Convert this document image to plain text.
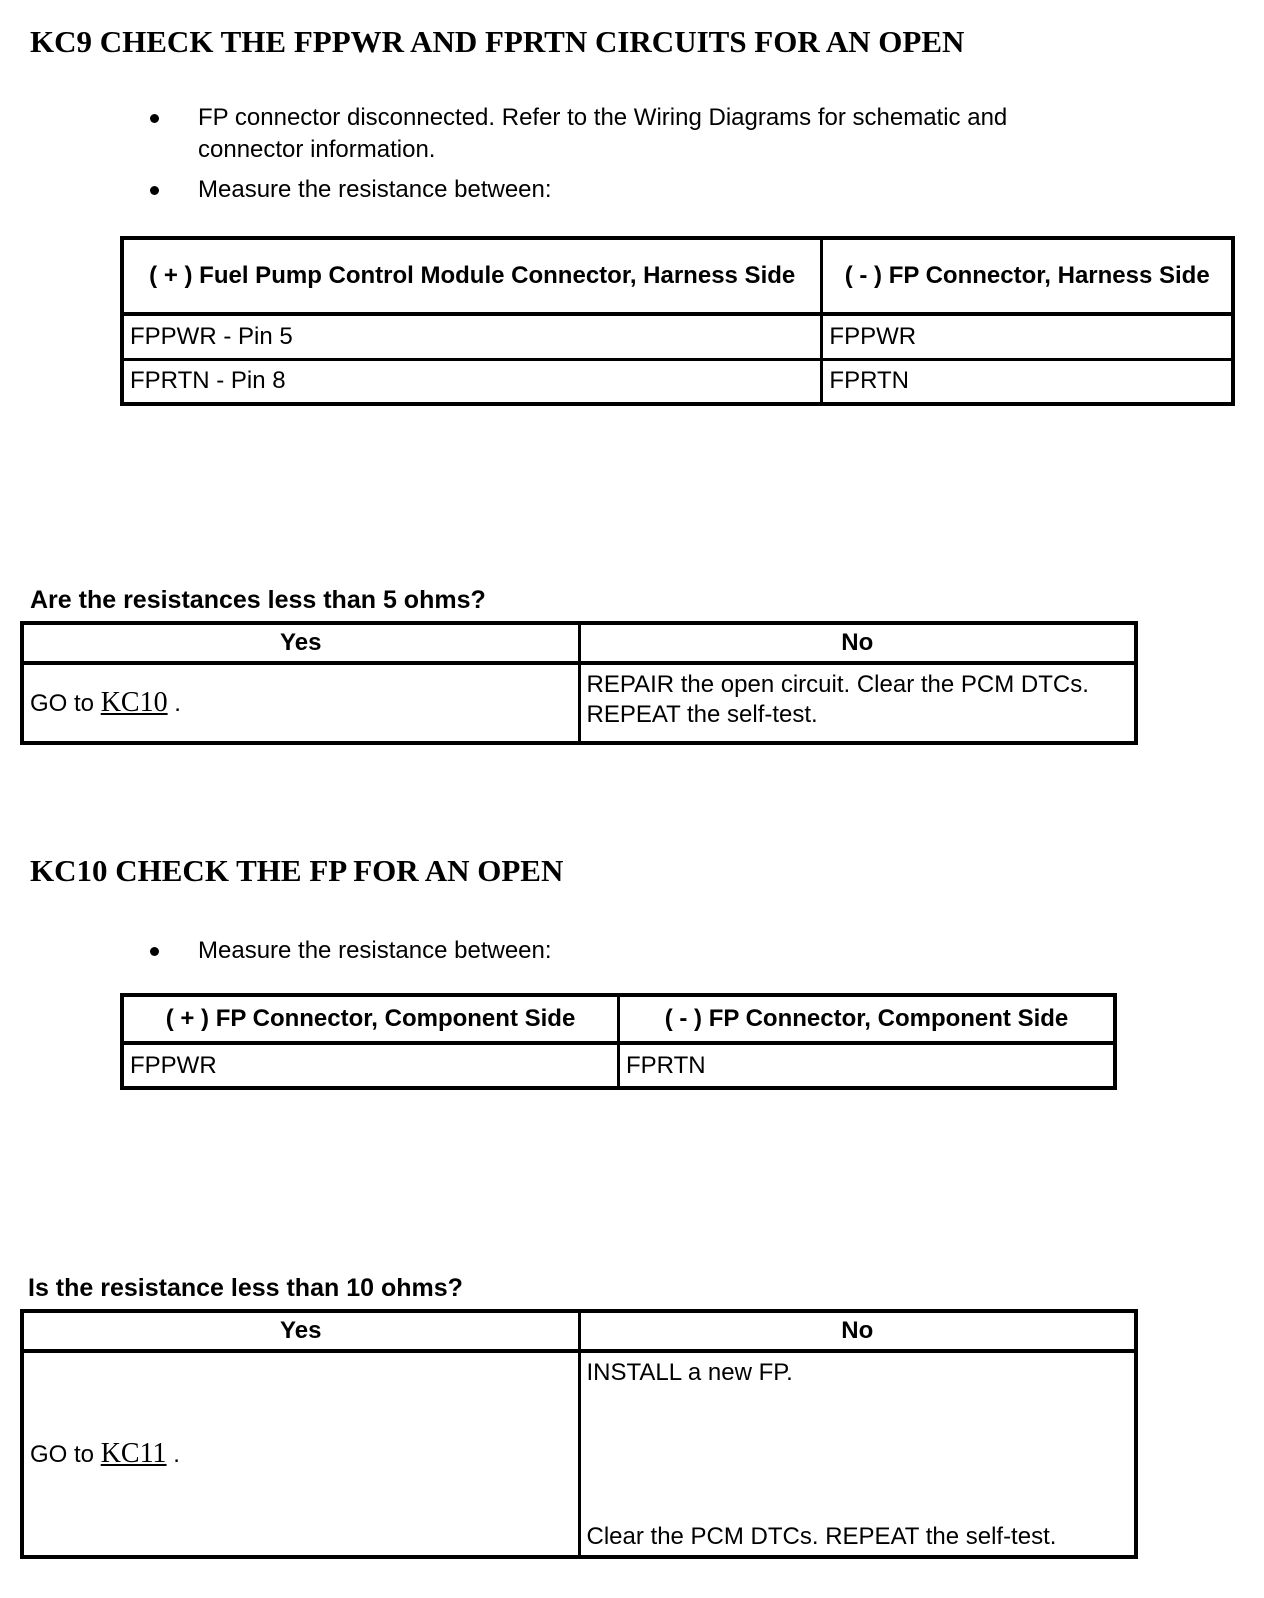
KC9 CHECK THE FPPWR AND FPRTN CIRCUITS FOR AN OPEN
FP connector disconnected. Refer to the Wiring Diagrams for schematic and connector information.
Measure the resistance between:
( + ) Fuel Pump Control Module Connector, Harness Side	( - ) FP Connector, Harness Side
FPPWR - Pin 5	FPPWR
FPRTN - Pin 8	FPRTN
Are the resistances less than 5 ohms?
Yes	No
GO to KC10 .	REPAIR the open circuit. Clear the PCM DTCs. REPEAT the self-test.

KC10 CHECK THE FP FOR AN OPEN
Measure the resistance between:
( + ) FP Connector, Component Side	( - ) FP Connector, Component Side
FPPWR	FPRTN
Is the resistance less than 10 ohms?
Yes	No
GO to KC11 .	INSTALL a new FP.

Clear the PCM DTCs. REPEAT the self-test.
